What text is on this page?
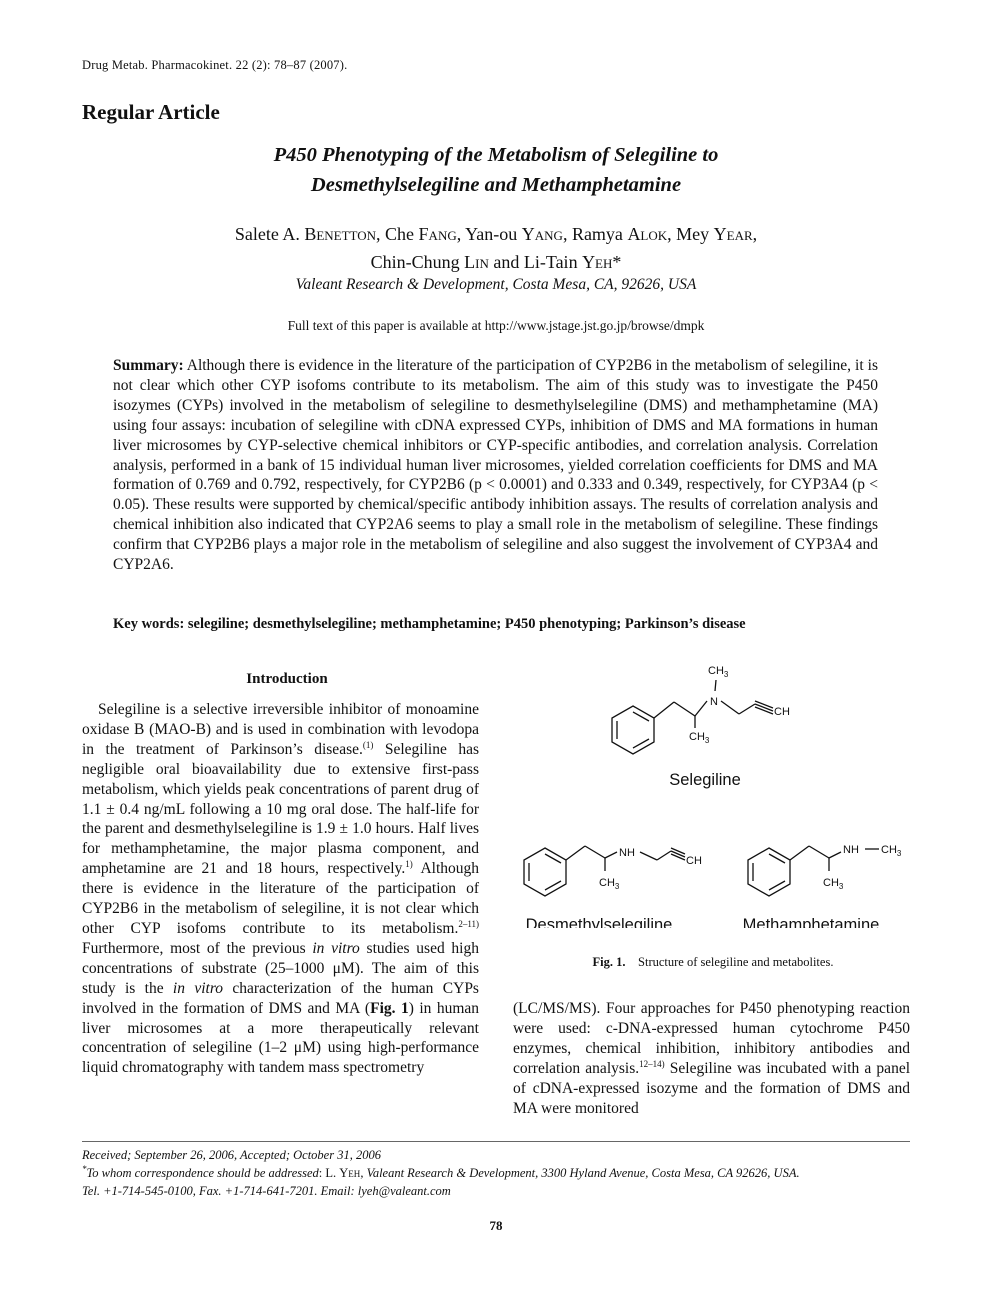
Drug Metab. Pharmacokinet. 22 (2): 78–87 (2007).
Regular Article
P450 Phenotyping of the Metabolism of Selegiline to
Desmethylselegiline and Methamphetamine
Salete A. Benetton, Che Fang, Yan-ou Yang, Ramya Alok, Mey Year,
Chin-Chung Lin and Li-Tain Yeh*
Valeant Research & Development, Costa Mesa, CA, 92626, USA
Full text of this paper is available at http://www.jstage.jst.go.jp/browse/dmpk
Summary: Although there is evidence in the literature of the participation of CYP2B6 in the metabolism of selegiline, it is not clear which other CYP isofoms contribute to its metabolism. The aim of this study was to investigate the P450 isozymes (CYPs) involved in the metabolism of selegiline to desmethylselegiline (DMS) and methamphetamine (MA) using four assays: incubation of selegiline with cDNA expressed CYPs, inhibition of DMS and MA formations in human liver microsomes by CYP-selective chemical inhibitors or CYP-specific antibodies, and correlation analysis. Correlation analysis, performed in a bank of 15 individual human liver microsomes, yielded correlation coefficients for DMS and MA formation of 0.769 and 0.792, respectively, for CYP2B6 (p < 0.0001) and 0.333 and 0.349, respectively, for CYP3A4 (p < 0.05). These results were supported by chemical/specific antibody inhibition assays. The results of correlation analysis and chemical inhibition also indicated that CYP2A6 seems to play a small role in the metabolism of selegiline. These findings confirm that CYP2B6 plays a major role in the metabolism of selegiline and also suggest the involvement of CYP3A4 and CYP2A6.
Key words: selegiline; desmethylselegiline; methamphetamine; P450 phenotyping; Parkinson’s disease
Introduction

Selegiline is a selective irreversible inhibitor of monoamine oxidase B (MAO-B) and is used in combination with levodopa in the treatment of Parkinson’s disease.$^{(1)}$ Selegiline has negligible oral bioavailability due to extensive first-pass metabolism, which yields peak concentrations of parent drug of 1.1 ± 0.4 ng/mL following a 10 mg oral dose. The half-life for the parent and desmethylselegiline is 1.9 ± 1.0 hours. Half lives for methamphetamine, the major plasma component, and amphetamine are 21 and 18 hours, respectively.$^{1)}$ Although there is evidence in the literature of the participation of CYP2B6 in the metabolism of selegiline, it is not clear which other CYP isofoms contribute to its metabolism.$^{2-11)}$ Furthermore, most of the previous in vitro studies used high concentrations of substrate (25–1000 μM). The aim of this study is the in vitro characterization of the human CYPs involved in the formation of DMS and MA (Fig. 1) in human liver microsomes at a more therapeutically relevant concentration of selegiline (1–2 μM) using high-performance liquid chromatography with tandem mass spectrometry

$CH_3$
N
$CH_3$
CH
NH
$CH_3$
CH
NH $CH_3$
$CH_3$
Selegiline
Desmethylselegiline	Methamphetamine
Fig. 1. Structure of selegiline and metabolites.

(LC/MS/MS). Four approaches for P450 phenotyping reaction were used: c-DNA-expressed human cytochrome P450 enzymes, chemical inhibition, inhibitory antibodies and correlation analysis.$^{12-14)}$ Selegiline was incubated with a panel of cDNA-expressed isozyme and the formation of DMS and MA were monitored

Received; September 26, 2006, Accepted; October 31, 2006
*To whom correspondence should be addressed: L. Yeh, Valeant Research & Development, 3300 Hyland Avenue, Costa Mesa, CA 92626, USA.
Tel. +1-714-545-0100, Fax. +1-714-641-7201. Email: lyeh@valeant.com
78
